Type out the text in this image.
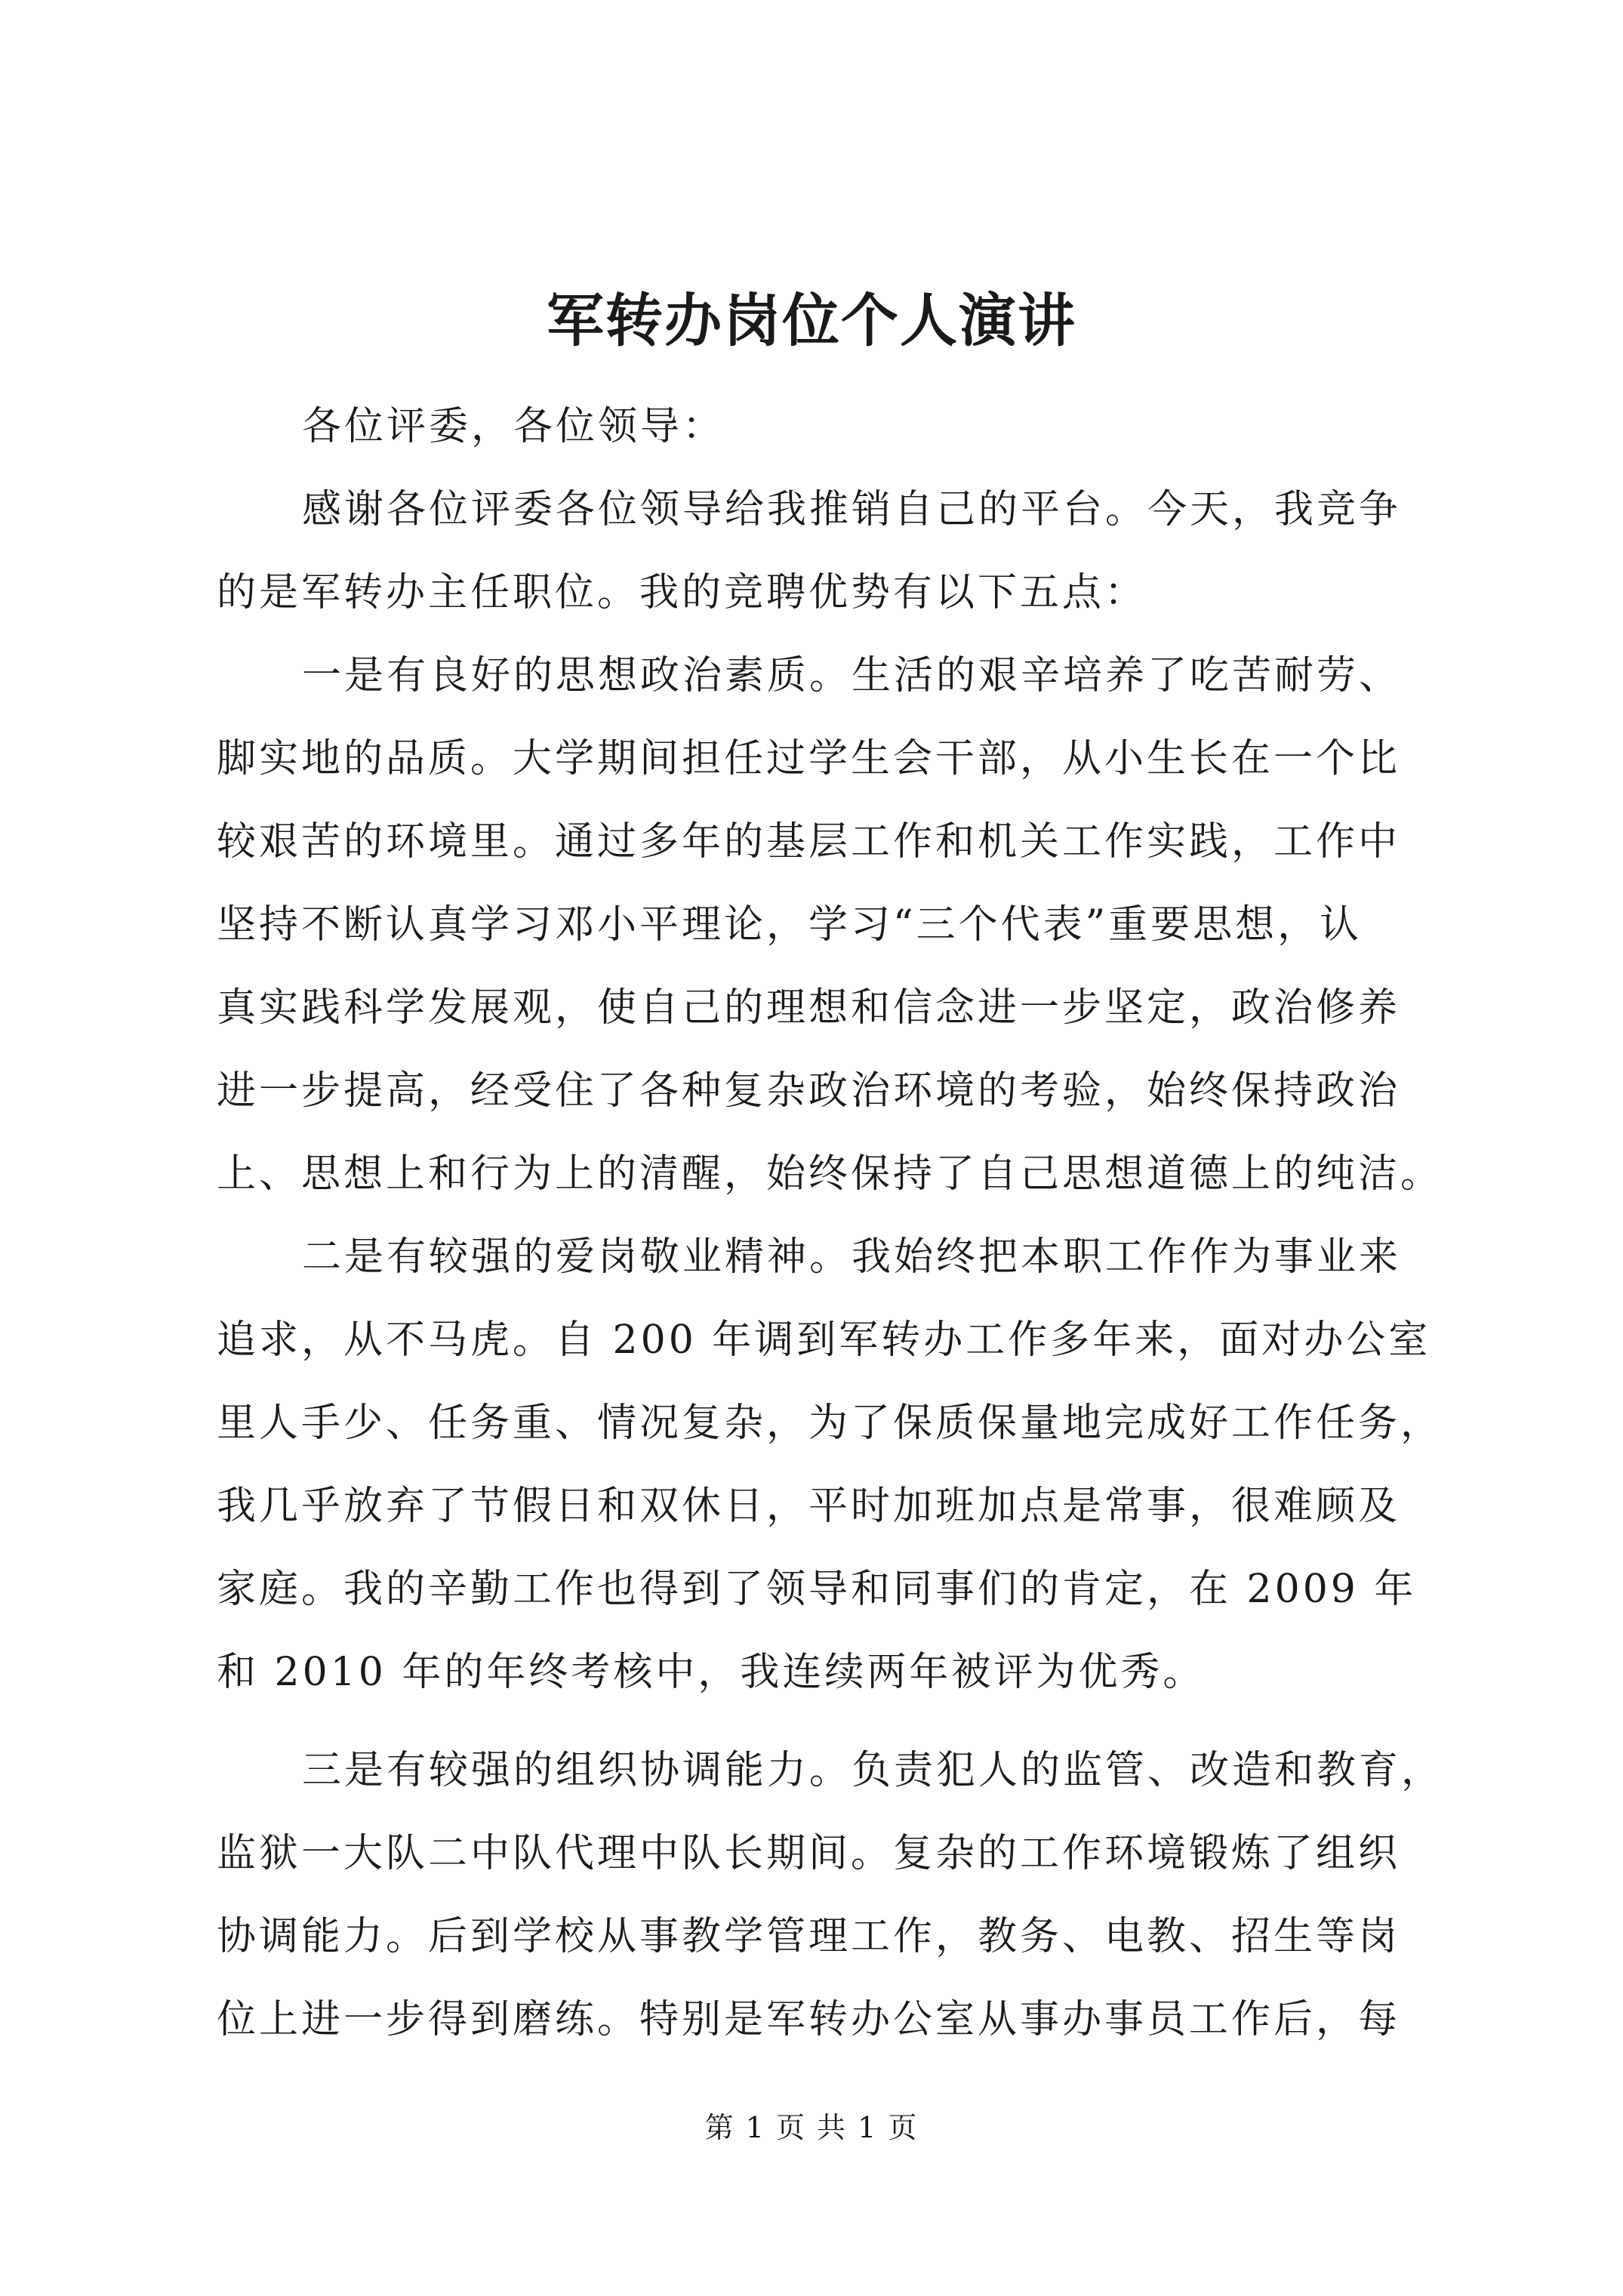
军转办岗位个人演讲
各位评委，各位领导：
感谢各位评委各位领导给我推销自己的平台。今天，我竞争
的是军转办主任职位。我的竞聘优势有以下五点：
一是有良好的思想政治素质。生活的艰辛培养了吃苦耐劳、
脚实地的品质。大学期间担任过学生会干部，从小生长在一个比
较艰苦的环境里。通过多年的基层工作和机关工作实践，工作中
坚持不断认真学习邓小平理论，学习“三个代表”重要思想，认
真实践科学发展观，使自己的理想和信念进一步坚定，政治修养
进一步提高，经受住了各种复杂政治环境的考验，始终保持政治
上、思想上和行为上的清醒，始终保持了自己思想道德上的纯洁。
二是有较强的爱岗敬业精神。我始终把本职工作作为事业来
追求，从不马虎。自 200 年调到军转办工作多年来，面对办公室
里人手少、任务重、情况复杂，为了保质保量地完成好工作任务，
我几乎放弃了节假日和双休日，平时加班加点是常事，很难顾及
家庭。我的辛勤工作也得到了领导和同事们的肯定，在 2009 年
和 2010 年的年终考核中，我连续两年被评为优秀。
三是有较强的组织协调能力。负责犯人的监管、改造和教育，
监狱一大队二中队代理中队长期间。复杂的工作环境锻炼了组织
协调能力。后到学校从事教学管理工作，教务、电教、招生等岗
位上进一步得到磨练。特别是军转办公室从事办事员工作后，每
第 1 页 共 1 页
